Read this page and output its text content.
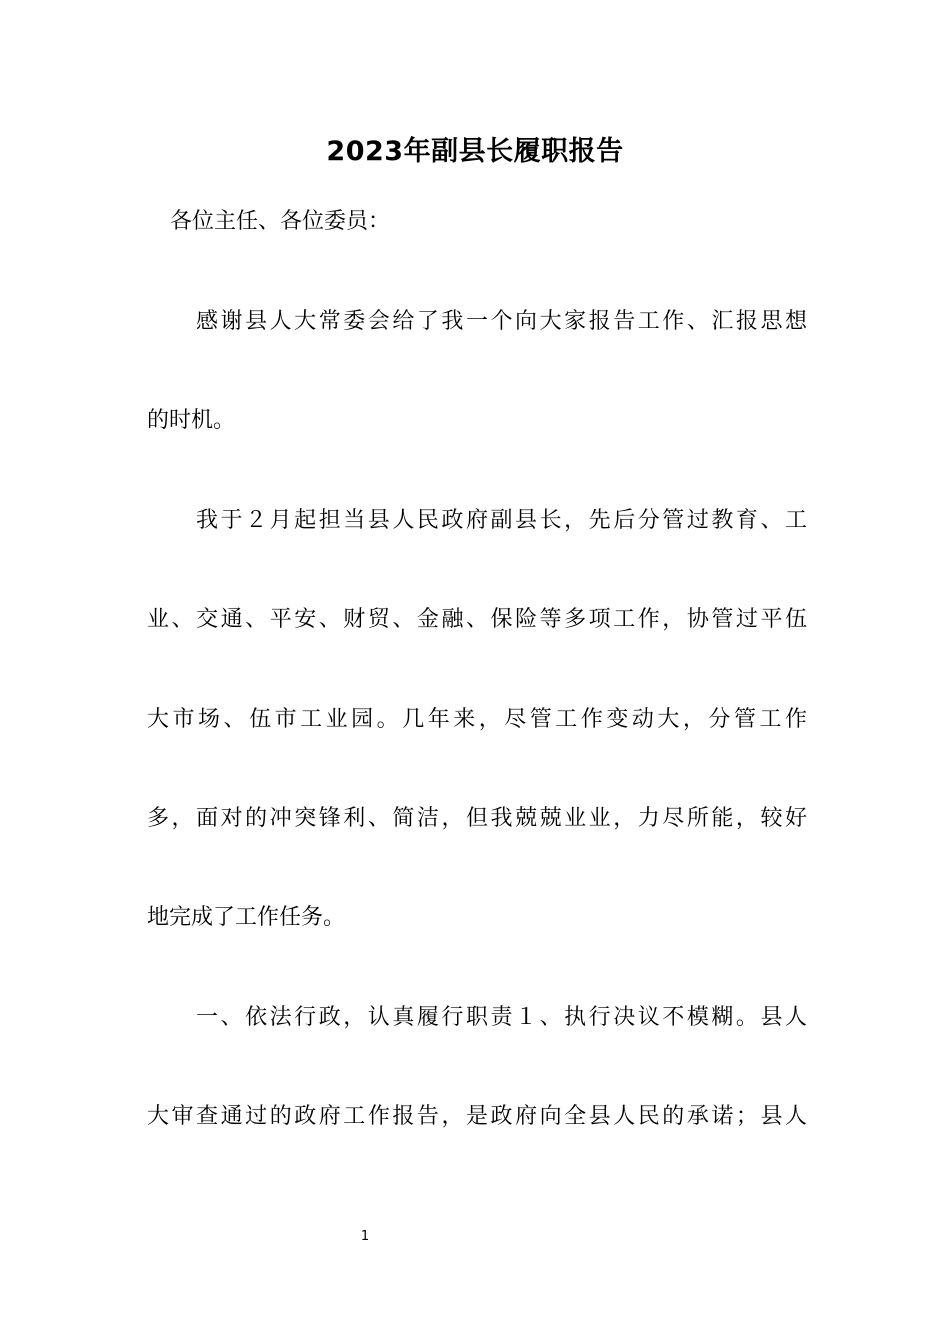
2023年副县长履职报告
各位主任、各位委员：
感谢县人大常委会给了我一个向大家报告工作、汇报思想
的时机。
我于２月起担当县人民政府副县长，先后分管过教育、工
业、交通、平安、财贸、金融、保险等多项工作，协管过平伍
大市场、伍市工业园。几年来，尽管工作变动大，分管工作
多，面对的冲突锋利、简洁，但我兢兢业业，力尽所能，较好
地完成了工作任务。
一、依法行政，认真履行职责１、执行决议不模糊。县人
大审查通过的政府工作报告，是政府向全县人民的承诺；县人
1
